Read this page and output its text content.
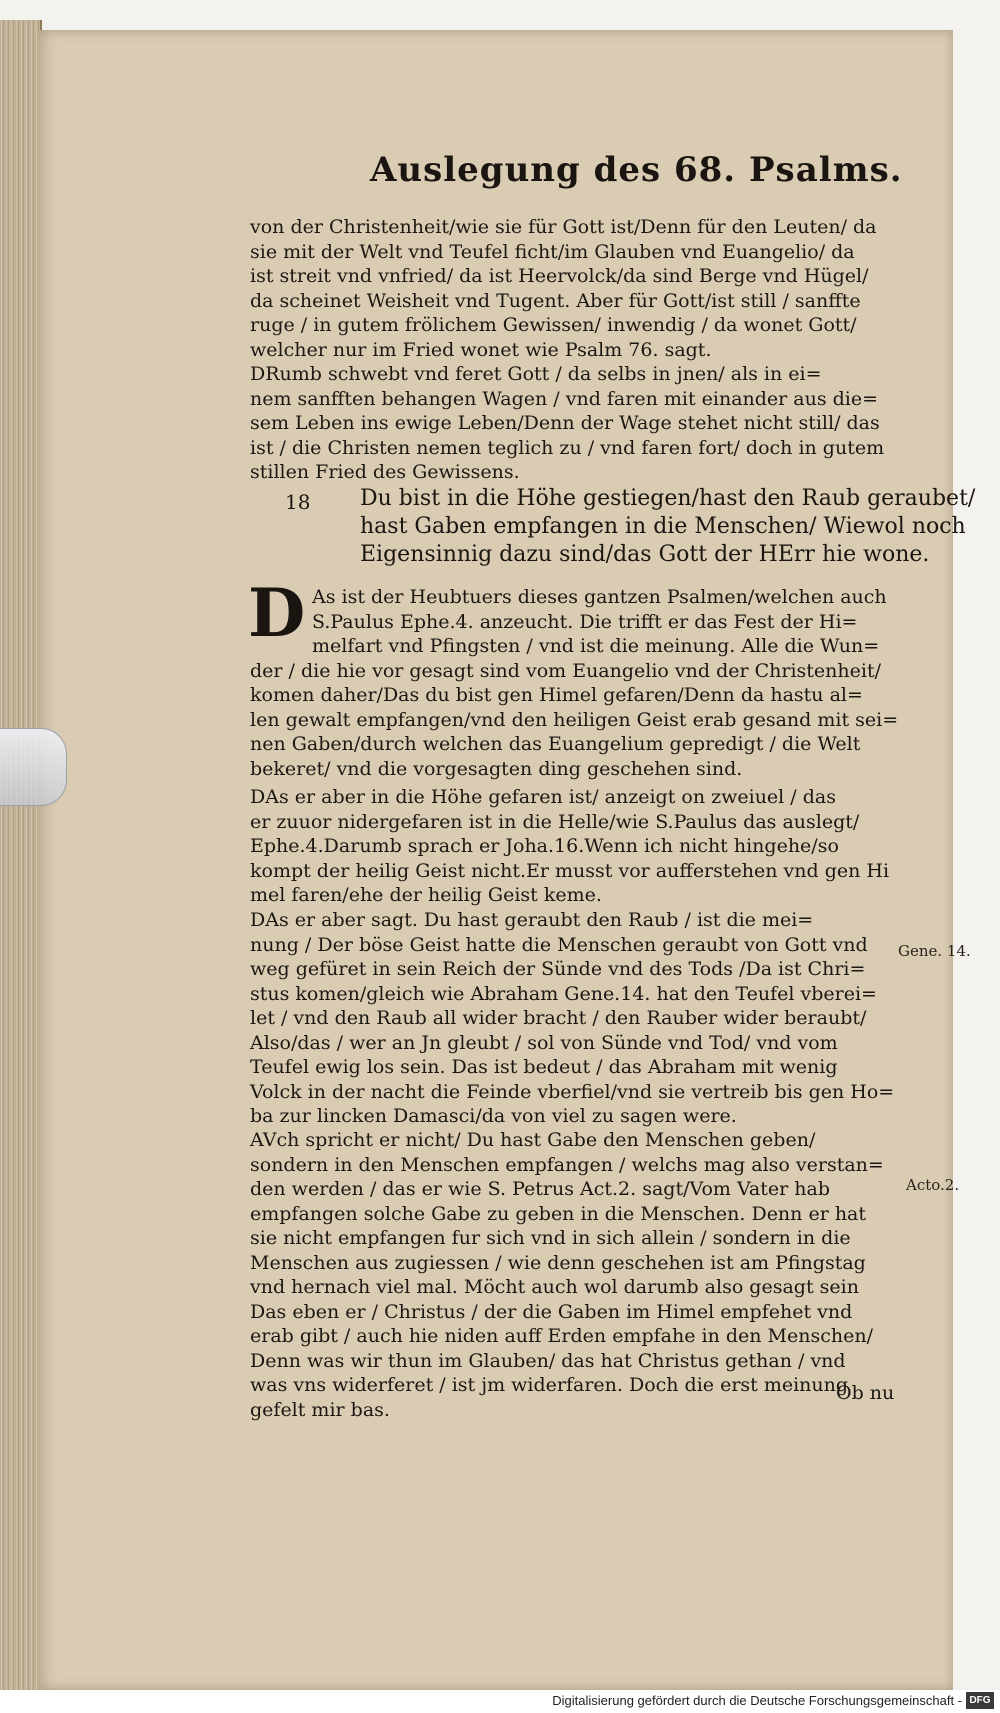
Auslegung des 68. Psalms.
von der Christenheit/wie sie für Gott ist/Denn für den Leuten/ da
sie mit der Welt vnd Teufel ficht/im Glauben vnd Euangelio/ da
ist streit vnd vnfried/ da ist Heervolck/da sind Berge vnd Hügel/
da scheinet Weisheit vnd Tugent. Aber für Gott/ist still / sanffte
ruge / in gutem frölichem Gewissen/ inwendig / da wonet Gott/
welcher nur im Fried wonet wie Psalm 76. sagt.
DRumb schwebt vnd feret Gott / da selbs in jnen/ als in ei=
nem sanfften behangen Wagen / vnd faren mit einander aus die=
sem Leben ins ewige Leben/Denn der Wage stehet nicht still/ das
ist / die Christen nemen teglich zu / vnd faren fort/ doch in gutem
stillen Fried des Gewissens.
18 Du bist in die Höhe gestiegen/hast den Raub geraubet/
hast Gaben empfangen in die Menschen/ Wiewol noch
Eigensinnig dazu sind/das Gott der HErr hie wone.
D As ist der Heubtuers dieses gantzen Psalmen/welchen auch
S.Paulus Ephe.4. anzeucht. Die trifft er das Fest der Hi=
melfart vnd Pfingsten / vnd ist die meinung. Alle die Wun=
der / die hie vor gesagt sind vom Euangelio vnd der Christenheit/
komen daher/Das du bist gen Himel gefaren/Denn da hastu al=
len gewalt empfangen/vnd den heiligen Geist erab gesand mit sei=
nen Gaben/durch welchen das Euangelium gepredigt / die Welt
bekeret/ vnd die vorgesagten ding geschehen sind.
DAs er aber in die Höhe gefaren ist/ anzeigt on zweiuel / das
er zuuor nidergefaren ist in die Helle/wie S.Paulus das auslegt/
Ephe.4.Darumb sprach er Joha.16.Wenn ich nicht hingehe/so
kompt der heilig Geist nicht.Er musst vor aufferstehen vnd gen Hi
mel faren/ehe der heilig Geist keme.
DAs er aber sagt. Du hast geraubt den Raub / ist die mei=
nung / Der böse Geist hatte die Menschen geraubt von Gott vnd
weg gefüret in sein Reich der Sünde vnd des Tods /Da ist Chri=
stus komen/gleich wie Abraham Gene.14. hat den Teufel vberei=
let / vnd den Raub all wider bracht / den Rauber wider beraubt/
Also/das / wer an Jn gleubt / sol von Sünde vnd Tod/ vnd vom
Teufel ewig los sein. Das ist bedeut / das Abraham mit wenig
Volck in der nacht die Feinde vberfiel/vnd sie vertreib bis gen Ho=
ba zur lincken Damasci/da von viel zu sagen were.
AVch spricht er nicht/ Du hast Gabe den Menschen geben/
sondern in den Menschen empfangen / welchs mag also verstan=
den werden / das er wie S. Petrus Act.2. sagt/Vom Vater hab
empfangen solche Gabe zu geben in die Menschen. Denn er hat
sie nicht empfangen fur sich vnd in sich allein / sondern in die
Menschen aus zugiessen / wie denn geschehen ist am Pfingstag
vnd hernach viel mal. Möcht auch wol darumb also gesagt sein
Das eben er / Christus / der die Gaben im Himel empfehet vnd
erab gibt / auch hie niden auff Erden empfahe in den Menschen/
Denn was wir thun im Glauben/ das hat Christus gethan / vnd
was vns widerferet / ist jm widerfaren. Doch die erst meinung
gefelt mir bas.
Ob nu
Gene. 14.
Acto.2.
Digitalisierung gefördert durch die Deutsche Forschungsgemeinschaft - DFG
